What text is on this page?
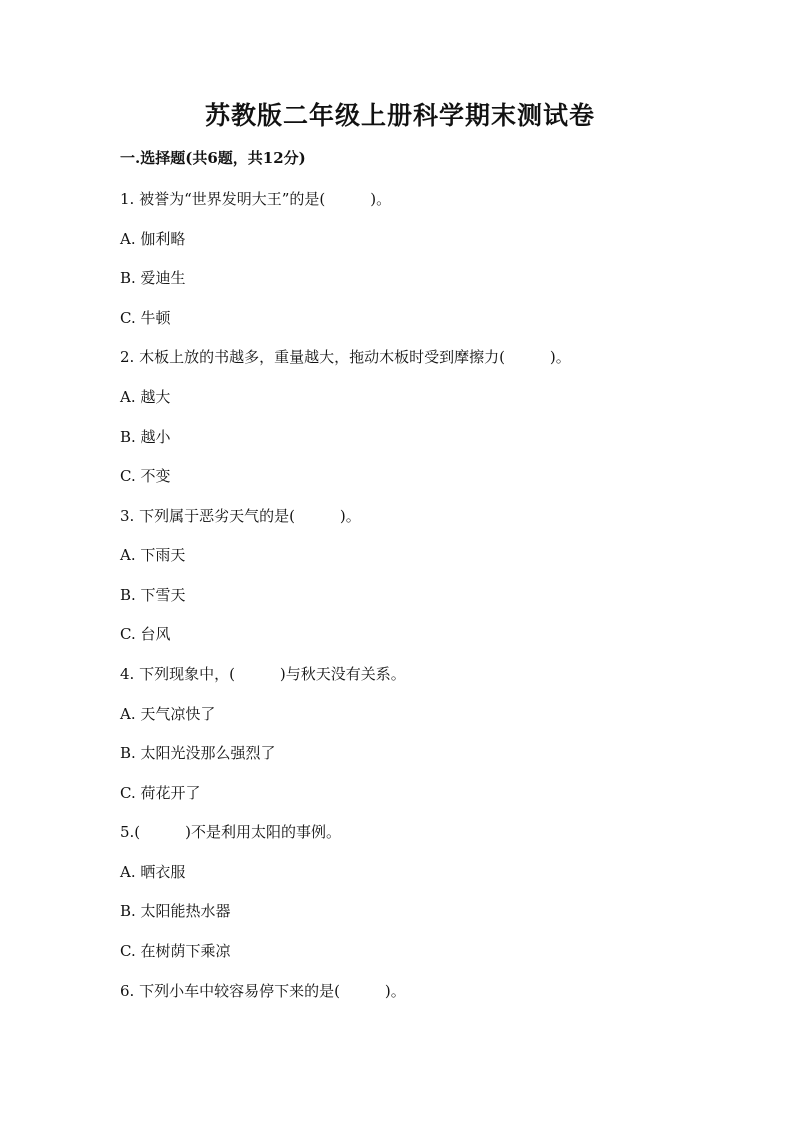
苏教版二年级上册科学期末测试卷
一.选择题(共6题，共12分)
1. 被誉为“世界发明大王”的是(　　　)。
A. 伽利略
B. 爱迪生
C. 牛顿
2. 木板上放的书越多，重量越大，拖动木板时受到摩擦力(　　　)。
A. 越大
B. 越小
C. 不变
3. 下列属于恶劣天气的是(　　　)。
A. 下雨天
B. 下雪天
C. 台风
4. 下列现象中，(　　　)与秋天没有关系。
A. 天气凉快了
B. 太阳光没那么强烈了
C. 荷花开了
5.(　　　)不是利用太阳的事例。
A. 晒衣服
B. 太阳能热水器
C. 在树荫下乘凉
6. 下列小车中较容易停下来的是(　　　)。
